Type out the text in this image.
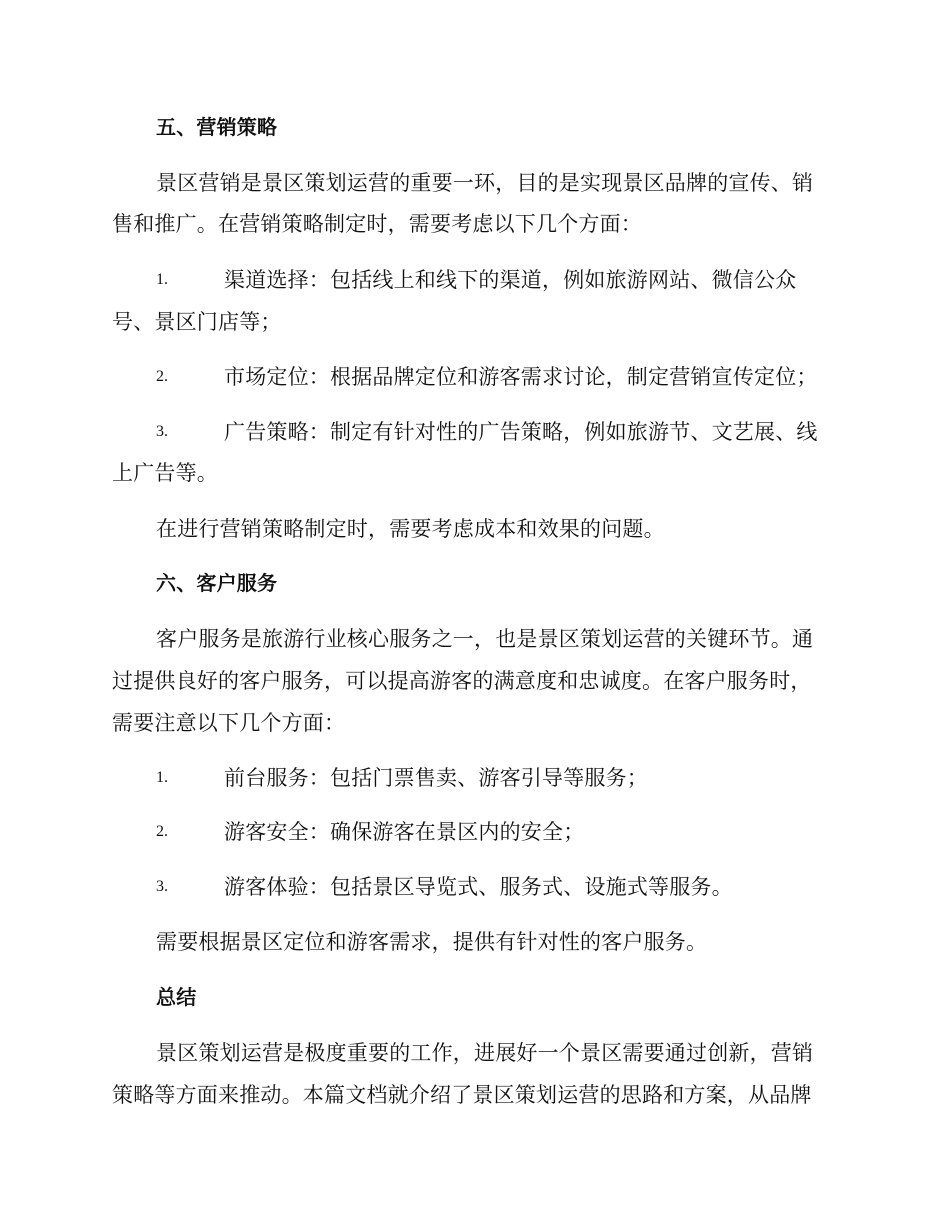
五、营销策略
景区营销是景区策划运营的重要一环，目的是实现景区品牌的宣传、销
售和推广。在营销策略制定时，需要考虑以下几个方面：
1.	渠道选择：包括线上和线下的渠道，例如旅游网站、微信公众
号、景区门店等；
2.	市场定位：根据品牌定位和游客需求讨论，制定营销宣传定位；
3.	广告策略：制定有针对性的广告策略，例如旅游节、文艺展、线
上广告等。
在进行营销策略制定时，需要考虑成本和效果的问题。
六、客户服务
客户服务是旅游行业核心服务之一，也是景区策划运营的关键环节。通
过提供良好的客户服务，可以提高游客的满意度和忠诚度。在客户服务时，
需要注意以下几个方面：
1.	前台服务：包括门票售卖、游客引导等服务；
2.	游客安全：确保游客在景区内的安全；
3.	游客体验：包括景区导览式、服务式、设施式等服务。
需要根据景区定位和游客需求，提供有针对性的客户服务。
总结
景区策划运营是极度重要的工作，进展好一个景区需要通过创新，营销
策略等方面来推动。本篇文档就介绍了景区策划运营的思路和方案，从品牌
